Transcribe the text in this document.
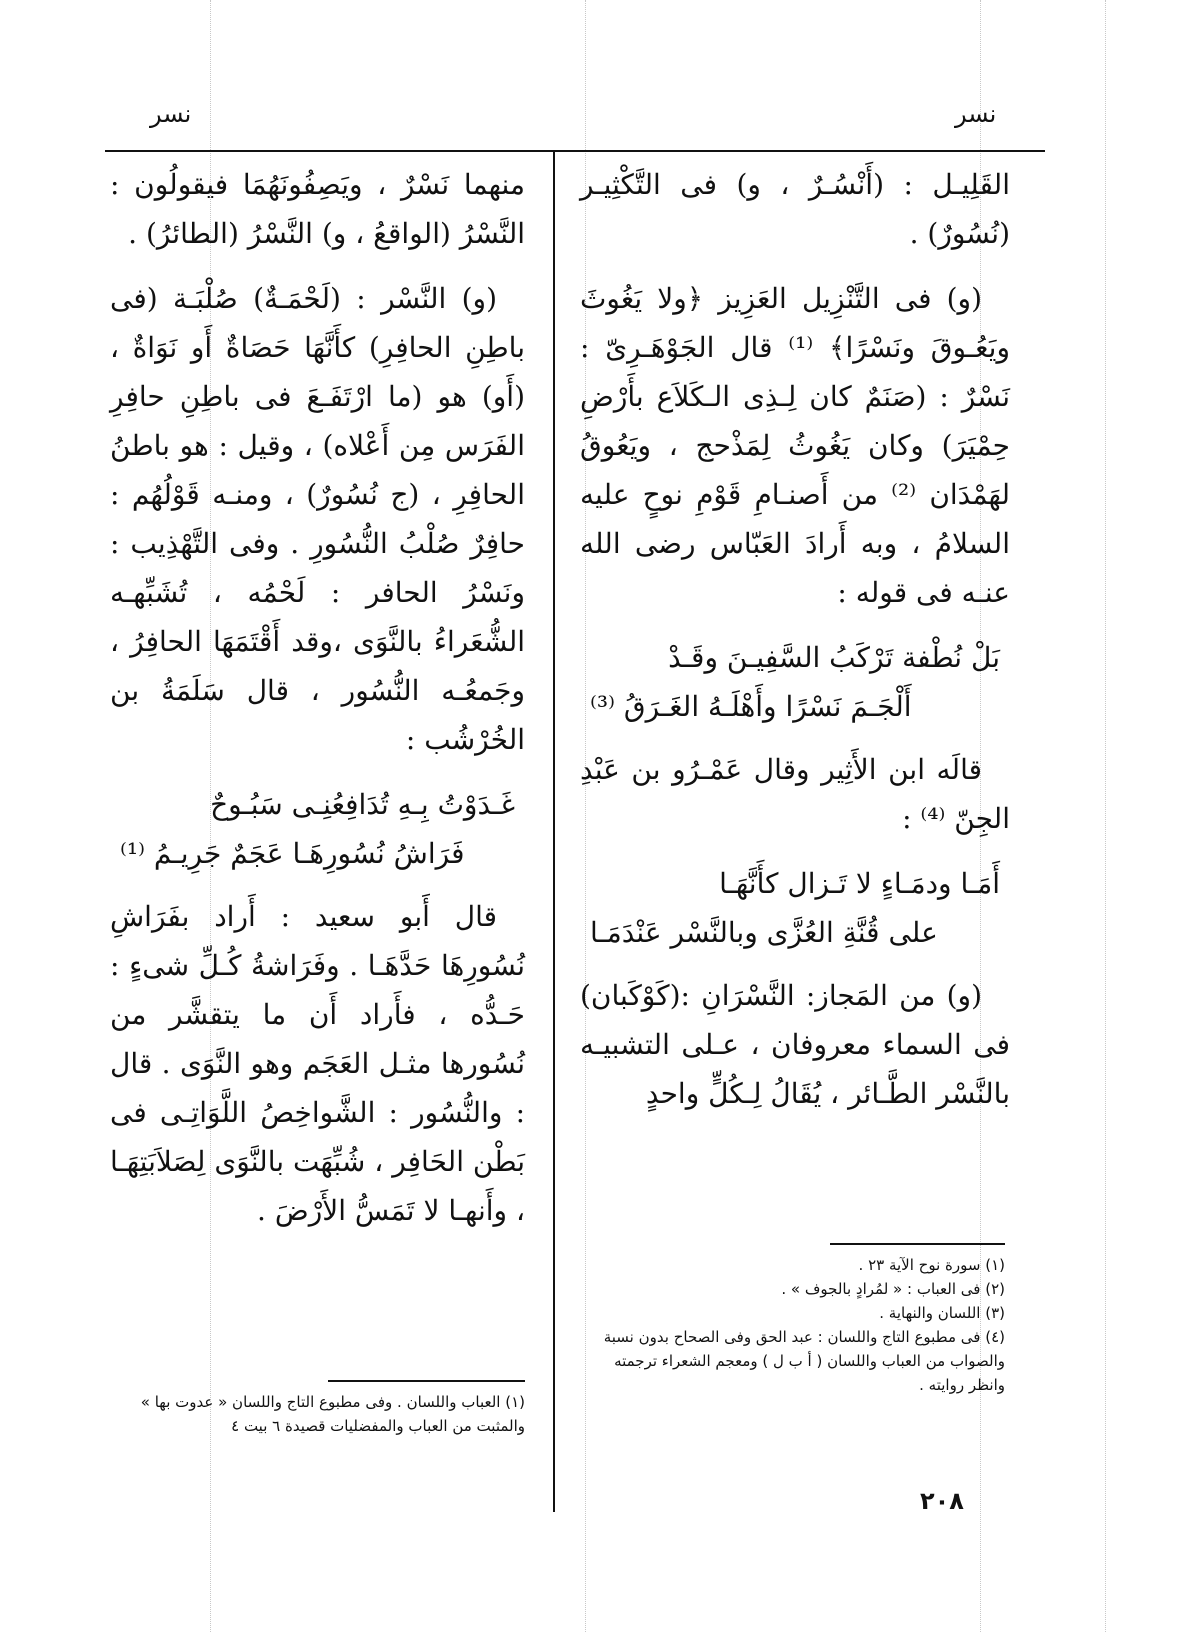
نسر
نسر

القَلِيـل : (أَنْسُـرٌ ، و) فى التَّكْثِيـر (نُسُورٌ) .

(و) فى التَّنْزِيل العَزِيز ﴿ولا يَغُوثَ ويَعُـوقَ ونَسْرًا﴾ ⁽¹⁾ قال الجَوْهَـرِىّ : نَسْرٌ : (صَنَمٌ كان لِـذِى الـكَلاَع بأَرْضِ حِمْيَرَ) وكان يَغُوثُ لِمَذْحج ، ويَعُوقُ لهَمْدَان ⁽²⁾ من أَصنـامِ قَوْمِ نوحٍ عليه السلامُ ، وبه أَرادَ العَبّاس رضى الله عنـه فى قوله :

بَلْ نُطْفة تَرْكَبُ السَّفِيـنَ وقَـدْ
أَلْجَـمَ نَسْرًا وأَهْلَـهُ الغَـرَقُ ⁽³⁾

قالَه ابن الأَثِير وقال عَمْـرُو بن عَبْدِ الجِنّ ⁽⁴⁾ :

أَمَـا ودمَـاءٍ لا تَـزال كأَنَّهَـا
على قُنَّةِ العُزَّى وبالنَّسْر عَنْدَمَـا

(و) من المَجاز: النَّسْرَانِ :(كَوْكَبان) فى السماء معروفان ، عـلى التشبيـه بالنَّسْر الطَّـائر ، يُقَالُ لِـكُلٍّ واحدٍ

منهما نَسْرٌ ، ويَصِفُونَهُمَا فيقولُون : النَّسْرُ (الواقعُ ، و) النَّسْرُ (الطائرُ) .

(و) النَّسْر : (لَحْمَـةٌ) صُلْبَـة (فى باطِنِ الحافِرِ) كأَنَّهَا حَصَاةٌ أَو نَوَاةٌ ، (أَو) هو (ما ارْتَفَـعَ فى باطِنِ حافِرِ الفَرَس مِن أَعْلاه) ، وقيل : هو باطنُ الحافِرِ ، (ج نُسُورٌ) ، ومنـه قَوْلُهُم : حافِرٌ صُلْبُ النُّسُورِ . وفى التَّهْذِيب : ونَسْرُ الحافر : لَحْمُه ، تُشَبِّهـه الشُّعَراءُ بالنَّوَى ،وقد أَقْتَمَهَا الحافِرُ ، وجَمعُـه النُّسُور ، قال سَلَمَةُ بن الخُرْشُب :

غَـدَوْتُ بِـهِ تُدَافِعُنِـى سَبُـوحٌ
فَرَاشُ نُسُورِهَـا عَجَمٌ جَرِيـمُ ⁽¹⁾

قال أَبو سعيد : أَراد بفَرَاشِ نُسُورِهَا حَدَّهَـا . وفَرَاشةُ كُـلِّ شىءٍ : حَـدُّه ، فأَراد أَن ما يتقشَّر من نُسُورها مثـل العَجَم وهو النَّوَى . قال : والنُّسُور : الشَّواخِصُ اللَّوَاتِـى فى بَطْن الحَافِر ، شُبِّهَت بالنَّوَى لِصَلاَبَتِهَـا ، وأَنهـا لا تَمَسُّ الأَرْضَ .

(١) سورة نوح الآية ٢٣ .

(٢) فى العباب : « لمُرادٍ بالجوف » .

(٣) اللسان والنهاية .

(٤) فى مطبوع التاج واللسان : عبد الحق وفى الصحاح بدون نسبة والصواب من العباب واللسان ( أ ب ل ) ومعجم الشعراء ترجمته وانظر روايته .

(١) العباب واللسان . وفى مطبوع التاج واللسان « عدوت بها » والمثبت من العباب والمفضليات قصيدة ٦ بيت ٤

٢٠٨
